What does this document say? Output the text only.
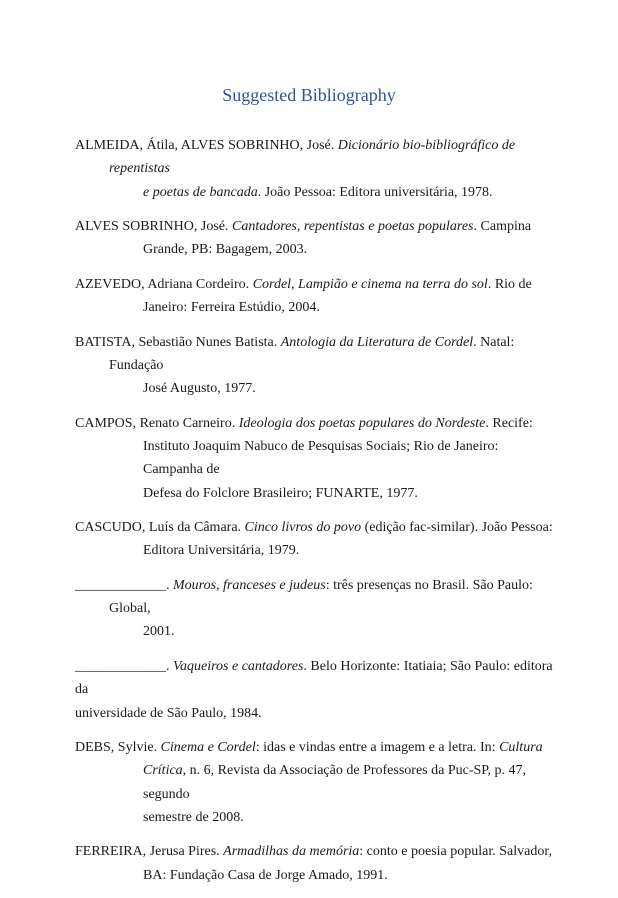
Suggested Bibliography
ALMEIDA, Átila, ALVES SOBRINHO, José. Dicionário bio-bibliográfico de repentistas
e poetas de bancada. João Pessoa: Editora universitária, 1978.
ALVES SOBRINHO, José. Cantadores, repentistas e poetas populares. Campina
Grande, PB: Bagagem, 2003.
AZEVEDO, Adriana Cordeiro. Cordel, Lampião e cinema na terra do sol. Rio de
Janeiro: Ferreira Estúdio, 2004.
BATISTA, Sebastião Nunes Batista. Antologia da Literatura de Cordel. Natal: Fundação
José Augusto, 1977.
CAMPOS, Renato Carneiro. Ideologia dos poetas populares do Nordeste. Recife:
Instituto Joaquim Nabuco de Pesquisas Sociais; Rio de Janeiro: Campanha de
Defesa do Folclore Brasileiro; FUNARTE, 1977.
CASCUDO, Luís da Câmara. Cinco livros do povo (edição fac-similar). João Pessoa:
Editora Universitária, 1979.
_____________. Mouros, franceses e judeus: três presenças no Brasil. São Paulo: Global,
2001.
_____________. Vaqueiros e cantadores. Belo Horizonte: Itatiaia; São Paulo: editora da
universidade de São Paulo, 1984.
DEBS, Sylvie. Cinema e Cordel: idas e vindas entre a imagem e a letra. In: Cultura
Crítica, n. 6, Revista da Associação de Professores da Puc-SP, p. 47, segundo
semestre de 2008.
FERREIRA, Jerusa Pires. Armadilhas da memória: conto e poesia popular. Salvador,
BA: Fundação Casa de Jorge Amado, 1991.
